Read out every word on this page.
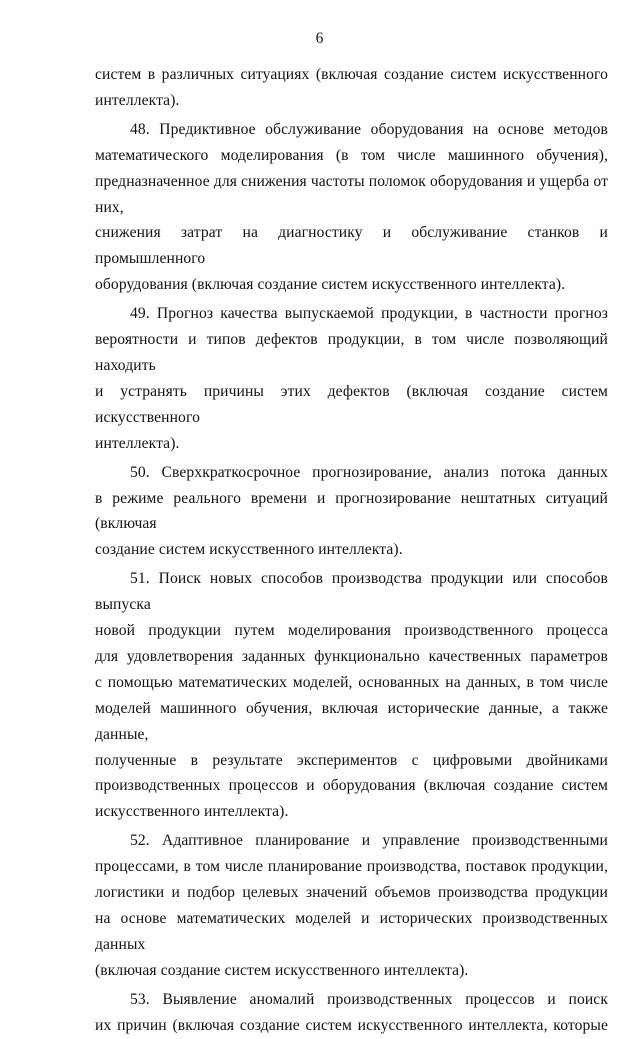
6
систем в различных ситуациях (включая создание систем искусственного
интеллекта).
48. Предиктивное обслуживание оборудования на основе методов
математического моделирования (в том числе машинного обучения),
предназначенное для снижения частоты поломок оборудования и ущерба от них,
снижения затрат на диагностику и обслуживание станков и промышленного
оборудования (включая создание систем искусственного интеллекта).
49. Прогноз качества выпускаемой продукции, в частности прогноз
вероятности и типов дефектов продукции, в том числе позволяющий находить
и устранять причины этих дефектов (включая создание систем искусственного
интеллекта).
50. Сверхкраткосрочное прогнозирование, анализ потока данных
в режиме реального времени и прогнозирование нештатных ситуаций (включая
создание систем искусственного интеллекта).
51. Поиск новых способов производства продукции или способов выпуска
новой продукции путем моделирования производственного процесса
для удовлетворения заданных функционально качественных параметров
с помощью математических моделей, основанных на данных, в том числе
моделей машинного обучения, включая исторические данные, а также данные,
полученные в результате экспериментов с цифровыми двойниками
производственных процессов и оборудования (включая создание систем
искусственного интеллекта).
52. Адаптивное планирование и управление производственными
процессами, в том числе планирование производства, поставок продукции,
логистики и подбор целевых значений объемов производства продукции
на основе математических моделей и исторических производственных данных
(включая создание систем искусственного интеллекта).
53. Выявление аномалий производственных процессов и поиск
их причин (включая создание систем искусственного интеллекта, которые
